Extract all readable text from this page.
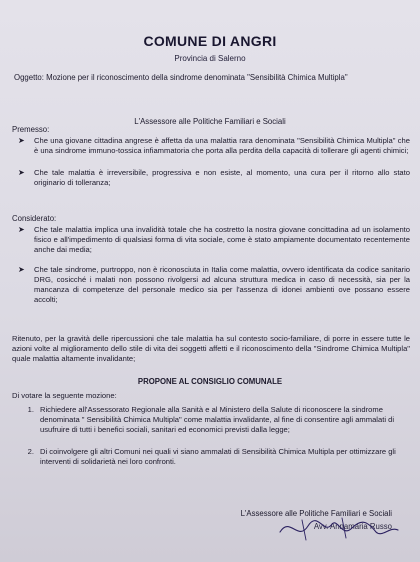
COMUNE DI ANGRI
Provincia di Salerno
Oggetto: Mozione per il riconoscimento della sindrome denominata "Sensibilità Chimica Multipla"
L'Assessore alle Politiche Familiari e Sociali
Premesso:
➤	Che una giovane cittadina angrese è affetta da una malattia rara denominata "Sensibilità Chimica Multipla" che è una sindrome immuno-tossica infiammatoria che porta alla perdita della capacità di tollerare gli agenti chimici;
➤	Che tale malattia è irreversibile, progressiva e non esiste, al momento, una cura per il ritorno allo stato originario di tolleranza;
Considerato:
➤	Che tale malattia implica una invalidità totale che ha costretto la nostra giovane concittadina ad un isolamento fisico e all'impedimento di qualsiasi forma di vita sociale, come è stato ampiamente documentato recentemente anche dai media;
➤	Che tale sindrome, purtroppo, non è riconosciuta in Italia come malattia, ovvero identificata da codice sanitario DRG, cosicché i malati non possono rivolgersi ad alcuna struttura medica in caso di necessità, sia per la mancanza di competenze del personale medico sia per l'assenza di idonei ambienti ove possano essere accolti;
Ritenuto, per la gravità delle ripercussioni che tale malattia ha sul contesto socio-familiare, di porre in essere tutte le azioni volte al miglioramento dello stile di vita dei soggetti affetti e il riconoscimento della "Sindrome Chimica Multipla" quale malattia altamente invalidante;
PROPONE AL CONSIGLIO COMUNALE
Di votare la seguente mozione:
1. Richiedere all'Assessorato Regionale alla Sanità e al Ministero della Salute di riconoscere la sindrome denominata " Sensibilità Chimica Multipla" come malattia invalidante, al fine di consentire agli ammalati di usufruire di tutti i benefici sociali, sanitari ed economici previsti dalla legge;
2. Di coinvolgere gli altri Comuni nei quali vi siano ammalati di Sensibilità Chimica Multipla per ottimizzare gli interventi di solidarietà nei loro confronti.
L'Assessore alle Politiche Familiari e Sociali
Avv. Annamaria Russo
